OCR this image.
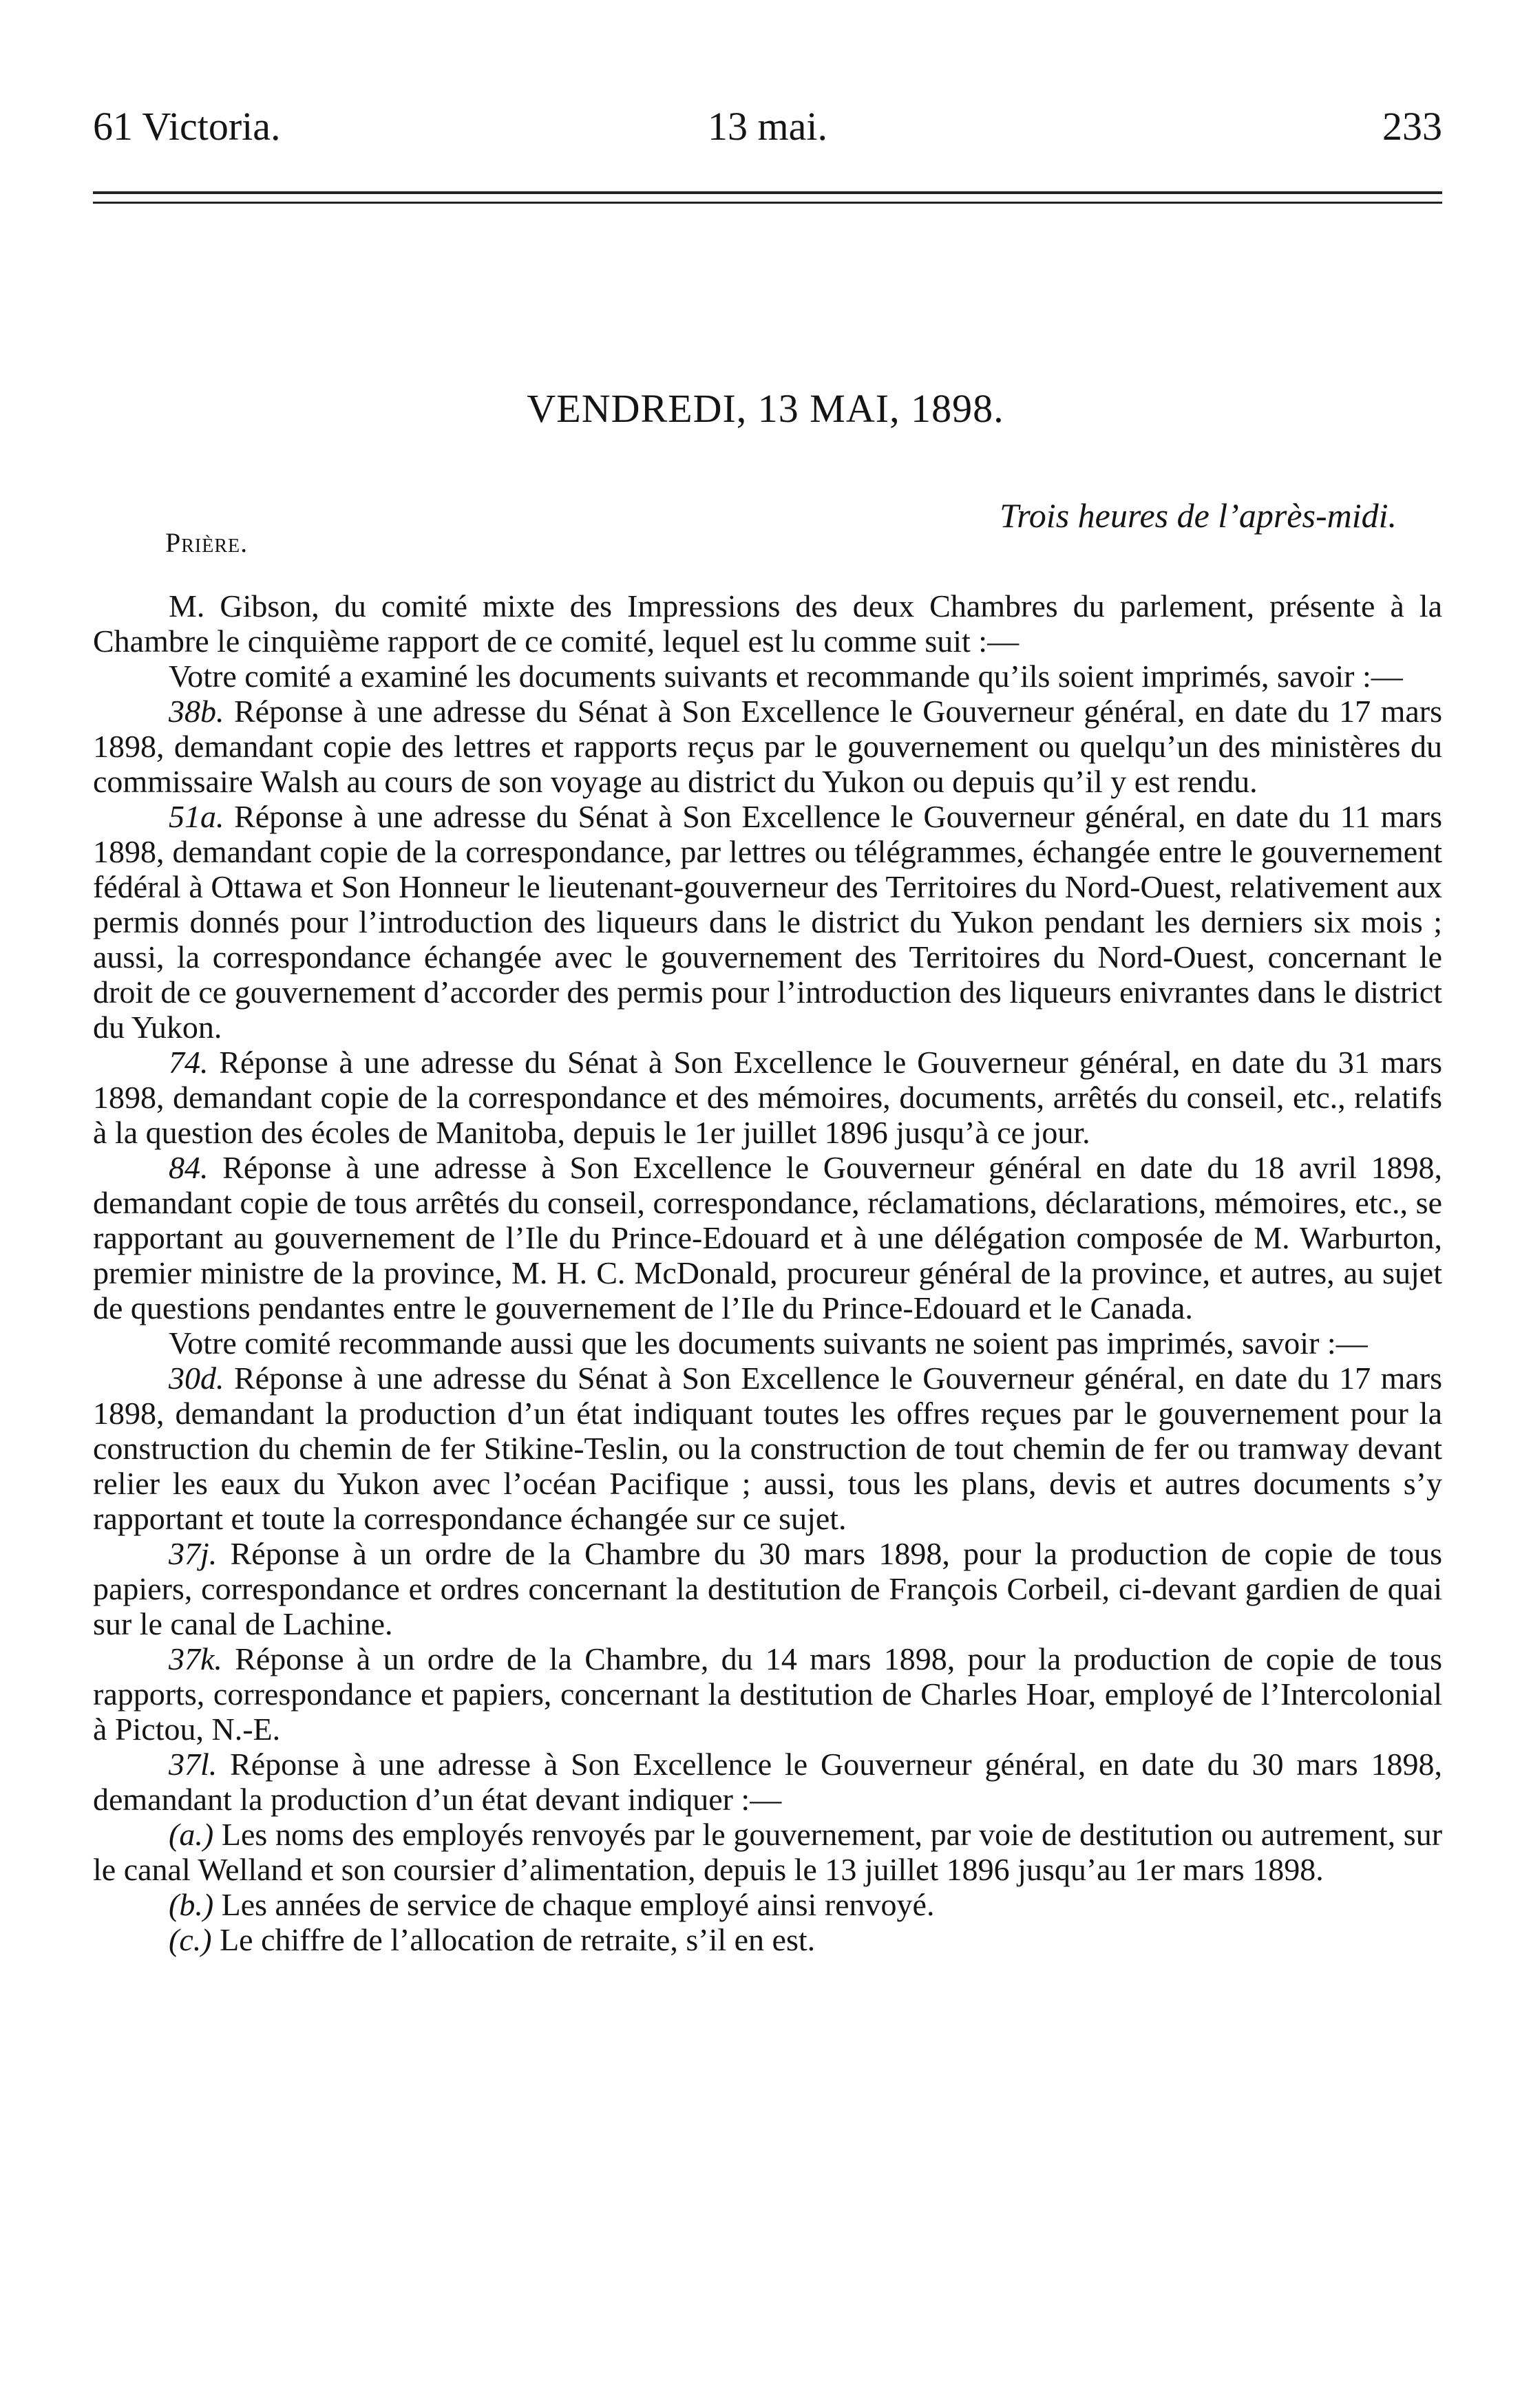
61 Victoria.	13 mai.	233
VENDREDI, 13 MAI, 1898.
Trois heures de l’après-midi.
Prière.

M. Gibson, du comité mixte des Impressions des deux Chambres du parlement, présente à la Chambre le cinquième rapport de ce comité, lequel est lu comme suit :—

Votre comité a examiné les documents suivants et recommande qu’ils soient imprimés, savoir :—

38b. Réponse à une adresse du Sénat à Son Excellence le Gouverneur général, en date du 17 mars 1898, demandant copie des lettres et rapports reçus par le gouvernement ou quelqu’un des ministères du commissaire Walsh au cours de son voyage au district du Yukon ou depuis qu’il y est rendu.

51a. Réponse à une adresse du Sénat à Son Excellence le Gouverneur général, en date du 11 mars 1898, demandant copie de la correspondance, par lettres ou télégrammes, échangée entre le gouvernement fédéral à Ottawa et Son Honneur le lieutenant-gouverneur des Territoires du Nord-Ouest, relativement aux permis donnés pour l’introduction des liqueurs dans le district du Yukon pendant les derniers six mois ; aussi, la correspondance échangée avec le gouvernement des Territoires du Nord-Ouest, concernant le droit de ce gouvernement d’accorder des permis pour l’introduction des liqueurs enivrantes dans le district du Yukon.

74. Réponse à une adresse du Sénat à Son Excellence le Gouverneur général, en date du 31 mars 1898, demandant copie de la correspondance et des mémoires, documents, arrêtés du conseil, etc., relatifs à la question des écoles de Manitoba, depuis le 1er juillet 1896 jusqu’à ce jour.

84. Réponse à une adresse à Son Excellence le Gouverneur général en date du 18 avril 1898, demandant copie de tous arrêtés du conseil, correspondance, réclamations, déclarations, mémoires, etc., se rapportant au gouvernement de l’Ile du Prince-Edouard et à une délégation composée de M. Warburton, premier ministre de la province, M. H. C. McDonald, procureur général de la province, et autres, au sujet de questions pendantes entre le gouvernement de l’Ile du Prince-Edouard et le Canada.

Votre comité recommande aussi que les documents suivants ne soient pas imprimés, savoir :—

30d. Réponse à une adresse du Sénat à Son Excellence le Gouverneur général, en date du 17 mars 1898, demandant la production d’un état indiquant toutes les offres reçues par le gouvernement pour la construction du chemin de fer Stikine-Teslin, ou la construction de tout chemin de fer ou tramway devant relier les eaux du Yukon avec l’océan Pacifique ; aussi, tous les plans, devis et autres documents s’y rapportant et toute la correspondance échangée sur ce sujet.

37j. Réponse à un ordre de la Chambre du 30 mars 1898, pour la production de copie de tous papiers, correspondance et ordres concernant la destitution de François Corbeil, ci-devant gardien de quai sur le canal de Lachine.

37k. Réponse à un ordre de la Chambre, du 14 mars 1898, pour la production de copie de tous rapports, correspondance et papiers, concernant la destitution de Charles Hoar, employé de l’Intercolonial à Pictou, N.-E.

37l. Réponse à une adresse à Son Excellence le Gouverneur général, en date du 30 mars 1898, demandant la production d’un état devant indiquer :—

(a.) Les noms des employés renvoyés par le gouvernement, par voie de destitution ou autrement, sur le canal Welland et son coursier d’alimentation, depuis le 13 juillet 1896 jusqu’au 1er mars 1898.

(b.) Les années de service de chaque employé ainsi renvoyé.

(c.) Le chiffre de l’allocation de retraite, s’il en est.
